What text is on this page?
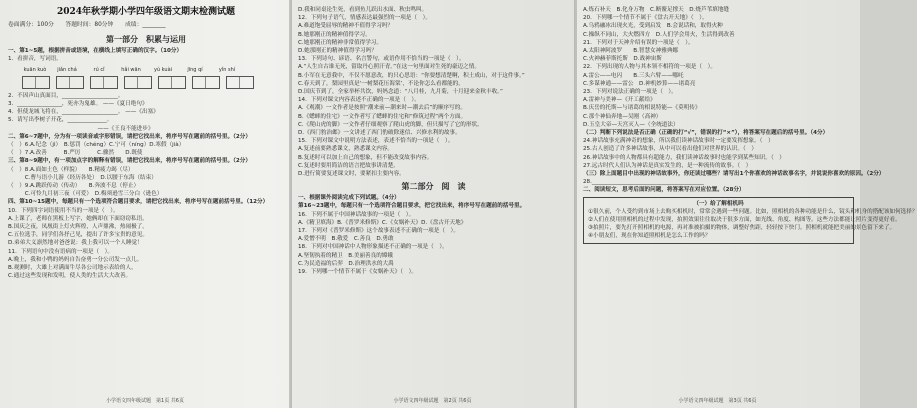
2024年秋学期小学四年级语文期末检测试题
卷面满分：100分　　答题时间：80分钟　　成绩：________
第一部分　积累与运用
一、第1~5题，根据拼音或语境，在横线上填写正确的汉字。（10分）
1．看拼音，写词语。
kuān kuò	jiǎn chá	rú cǐ	hǎi wān	yú kuài	jīng qí	yǐn shí
2．不因声山真面目，____________________。
3．________________，死亦为鬼雄。 ——《夏日绝句》
4．但使龙城飞将在，____________________。 ——《出塞》
5．请写出李树子开花，______________。
　　　　　　　　　　　　　　　　——《王良不能进步》
二、第6~7题中，分为有一项读音或字形错误，请把它找出来，将序号写在题前的括号里。（2分）
（　）6.A.纪念（jì）　B.惩罚（chéng）C.宁可（níng）D.寒假（jià）
（　）7.A.改善　　　B.严厉　　　C.骤然　　D.既使
三、第8~9题中，有一项加点字的解释有错误，请把它找出来，将序号写在题前的括号里。（2分）
（　）8.A.面如土色（样貌）　　B.精疲力竭（尽）
　　　C.曹与语小儿游（经历各处）　D.以腰于东海（结束）
（　）9.A.跳跃传动（传动）　　B.奔波不息（停止）
　　　C.可怜九月初三夜（可爱）　D.梅须逊雪三分白（逊色）
四、第10~15题中，每题只有一个选项符合题目要求，请把它找出来，将序号写在题前括号里。（12分）
10．下列四字词语使用不当的一项是（　）。
A.上课了，老师在黑板上写字，她俩却在下面窃窃私语。
B.国庆之夜，凤凰街上灯火辉煌，人声鼎沸，热闹极了。
C.五位选手，同学们各抒己见，提出了许多宝贵的意见。
D.弟弟大义凛然地对爸爸说：我上我可以一个人睡觉！
11．下列语句中没有语病的一项是（　）。
A.晚上，我和小鸭的妈妈自告奋勇一分公司发一点儿。
B.观测时，大雄上对满面牛尽各公司地示表给的人。
C.通过这些发现和发明，使人类的生活大大改善。
小学语文四年级试题　第1页 共6页
D.我和同桌论生死，看到鱼儿跃出水面、秋虫鸣叫。
12．下列句子语气，情感表达最强烈的一项是（　）。
A.难道饱受屈辱的精神不值得学习吗？
B.她那刚正的精神值得学习。
C.她那刚正的精神非常值得学习。
D.她那刚正的精神值得学习吗？
13．下列诗句、谚语、名言警句，或语作用不恰当的一项是（　）。
A.“人生自古谁无死，留取丹心照汗青。”在这一句里面对生死的豪迈之情。
B.小军在无意我中，不仅不愿意改，的只心思语：“你要想清楚啊，积土成山，对于这件事。”
C.春天到了，梨园里真是‘一树梨花压海棠’，不论你怎么看都能的。
D.国庆节到了，全家举杯共饮，妈妈念道：“八月桂，九月菊，十月迎来金秋丰收。”
14．下列对课文内容表述不正确的一项是（　）。
A.《观潮》一文作者是按照“潮来前—潮来时—潮去后”的顺序写的。
B.《蟋蟀的住宅》一文作者写了蟋蟀的住宅和“修筑过程”两个方面。
C.《爬山虎的脚》一文作者仔细观察了爬山虎的脚，但只描写了它的形状。
D.《西门豹治邺》一文讲述了西门豹破除迷信、兴修水利的故事。
15．下列对课文中说明方法表述，表述不恰当的一项是（　）。
A.复述前要熟悉课文，熟悉课文内容。
B.复述时可以加上自己的想象，但不能改变故事内容。
C.复述时要用简洁的语言把故事讲清楚。
D.进行简要复述课文时，要紧扣主要内容。
第二部分　阅　读
一、根据课外阅读完成下列试题。（4分）
第16~23题中，每题只有一个选项符合题目要求，把它找出来，将序号写在题前的括号里。
16．下列不属于中国神话故事的一项是（　）。
A.《精卫填海》B.《普罗米修斯》C.《女娲补天》D.《盘古开天地》
17．下列对《普罗米修斯》这个故事表述不正确的一项是（　）。
A.爱憎不明　B.敬爱　C.善良　D.勇敢
18．下列对中国神话中人物形象描述不正确的一项是（　）。
A.坚韧执着的精卫　B.美丽善良的嫦娥
C.为民造福的后羿　D.治理洪水的大禹
19．下列哪一个情节不属于《女娲补天》（　）。
小学语文四年级试题　第2页 共6页
A.炼石补天　B.化身万物　C.断鳌足撑天　D.烧芦苇填地缝
20．下列哪一个情节不属于《盘古开天地》（　）。
A.乌鸦融冰出现火光，受到启发　B.会说话和，取得火种
C.操纵不同山，大火燃四方　D.人们学会用火，生活得到改善
21．下列对于天神介绍有误的一项是（　）。
A.太阳神阿波罗　　B.智慧女神雅典娜
C.火神赫菲斯托斯　D.战神宙斯
22．下列出现的人物与其本领不相符的一项是（　）。
A.雷公——电闪　　B.三头六臂——哪吒
C.多谋神通——雷公　D.神机妙算——诸葛亮
23．下列对说法正确的一项是（　）。
A.雷神与美神—《开工献给》
B.庆岳的托斯—与诸葛的相说特能—《莫明传》
C.那个神仙奔地—吴刚（高神）
D.玉皇大帝—天宫灭人—（全统道法）
（二）判断下列说法是否正确（正确的打“√”，错误的打“×”），将答案写在题后的括号里。（4分）
24.神话故事充满神奇的想象，所以我们读神话故事时一定要发挥想象。（　）
25.古人创造了许多神话故事，从中可以看出他们对世界的认识。（　）
26.神话故事中的人物都具有超能力，我们读神话故事时也能学到某些知识。（　）
27.远古时代人们认为神话是真实发生的，是一种流传的故事。（　）
（三）除上面题目中出现的神话故事外，你还读过哪些？请写出1个你喜欢的神话故事名字，并说说你喜欢的原因。（2分）
28.________________________________________
二、阅读短文，思考后面的问题，将答案写在对应位置。（28分）
（一）给了解相机吗
①很久前，个人受约到市场上去购买相机时，常常会遇到一些问题。比如，照相机的各种功能是什么，镜头和机身的搭配该如何选择？
②人们在使用照相机的过程中发现，拍照效果往往取决于很多方面，如光线、角度、构图等。这些方法都能让照片变得更好看。
③拍照片，要先打开照相机的电源，再对准被拍摄的物体，调整好焦距，轻轻按下快门。照相机就能把美丽的景色留下来了。
④小朋友们，现在你知道照相机是怎么工作的吗？
小学语文四年级试题　第3页 共6页
